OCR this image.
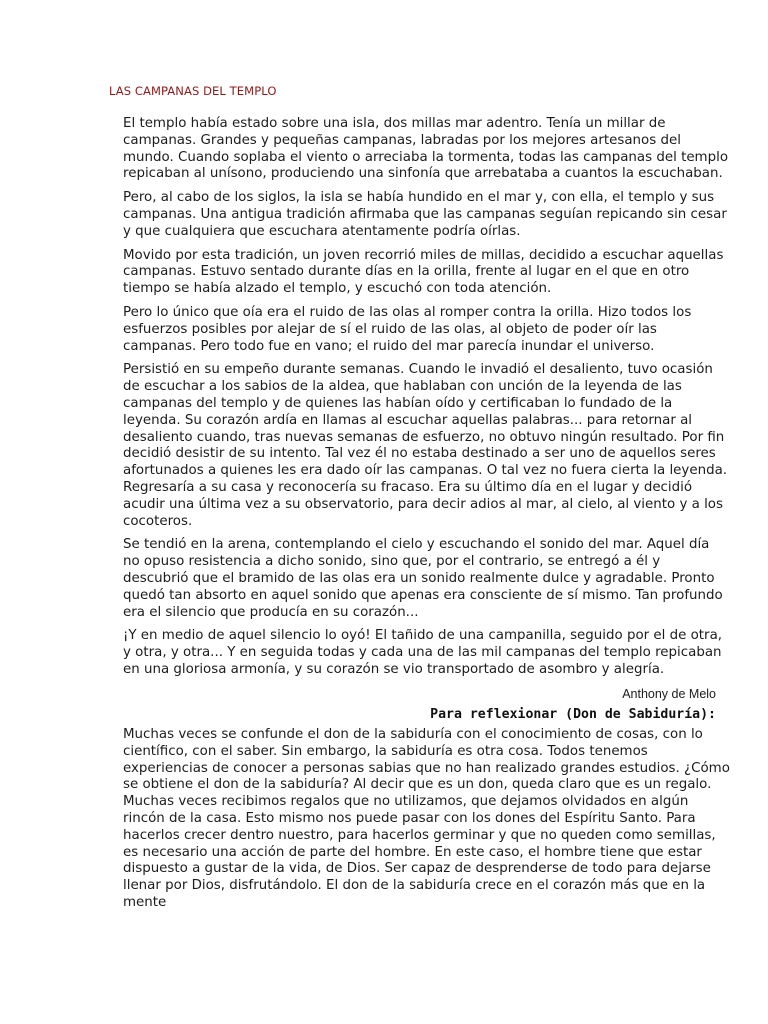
LAS CAMPANAS DEL TEMPLO

El templo había estado sobre una isla, dos millas mar adentro. Tenía un millar de campanas. Grandes y pequeñas campanas, labradas por los mejores artesanos del mundo. Cuando soplaba el viento o arreciaba la tormenta, todas las campanas del templo repicaban al unísono, produciendo una sinfonía que arrebataba a cuantos la escuchaban.

Pero, al cabo de los siglos, la isla se había hundido en el mar y, con ella, el templo y sus campanas. Una antigua tradición afirmaba que las campanas seguían repicando sin cesar y que cualquiera que escuchara atentamente podría oírlas.

Movido por esta tradición, un joven recorrió miles de millas, decidido a escuchar aquellas campanas. Estuvo sentado durante días en la orilla, frente al lugar en el que en otro tiempo se había alzado el templo, y escuchó con toda atención.

Pero lo único que oía era el ruido de las olas al romper contra la orilla. Hizo todos los esfuerzos posibles por alejar de sí el ruido de las olas, al objeto de poder oír las campanas. Pero todo fue en vano; el ruido del mar parecía inundar el universo.

Persistió en su empeño durante semanas. Cuando le invadió el desaliento, tuvo ocasión de escuchar a los sabios de la aldea, que hablaban con unción de la leyenda de las campanas del templo y de quienes las habían oído y certificaban lo fundado de la leyenda. Su corazón ardía en llamas al escuchar aquellas palabras... para retornar al desaliento cuando, tras nuevas semanas de esfuerzo, no obtuvo ningún resultado. Por fin decidió desistir de su intento. Tal vez él no estaba destinado a ser uno de aquellos seres afortunados a quienes les era dado oír las campanas. O tal vez no fuera cierta la leyenda. Regresaría a su casa y reconocería su fracaso. Era su último día en el lugar y decidió acudir una última vez a su observatorio, para decir adios al mar, al cielo, al viento y a los cocoteros.

Se tendió en la arena, contemplando el cielo y escuchando el sonido del mar. Aquel día no opuso resistencia a dicho sonido, sino que, por el contrario, se entregó a él y descubrió que el bramido de las olas era un sonido realmente dulce y agradable. Pronto quedó tan absorto en aquel sonido que apenas era consciente de sí mismo. Tan profundo era el silencio que producía en su corazón...

¡Y en medio de aquel silencio lo oyó! El tañido de una campanilla, seguido por el de otra, y otra, y otra... Y en seguida todas y cada una de las mil campanas del templo repicaban en una gloriosa armonía, y su corazón se vio transportado de asombro y alegría.

Anthony de Melo
Para reflexionar (Don de Sabiduría):

Muchas veces se confunde el don de la sabiduría con el conocimiento de cosas, con lo científico, con el saber. Sin embargo, la sabiduría es otra cosa. Todos tenemos experiencias de conocer a personas sabias que no han realizado grandes estudios. ¿Cómo se obtiene el don de la sabiduría? Al decir que es un don, queda claro que es un regalo. Muchas veces recibimos regalos que no utilizamos, que dejamos olvidados en algún rincón de la casa. Esto mismo nos puede pasar con los dones del Espíritu Santo. Para hacerlos crecer dentro nuestro, para hacerlos germinar y que no queden como semillas, es necesario una acción de parte del hombre. En este caso, el hombre tiene que estar dispuesto a gustar de la vida, de Dios. Ser capaz de desprenderse de todo para dejarse llenar por Dios, disfrutándolo. El don de la sabiduría crece en el corazón más que en la mente
